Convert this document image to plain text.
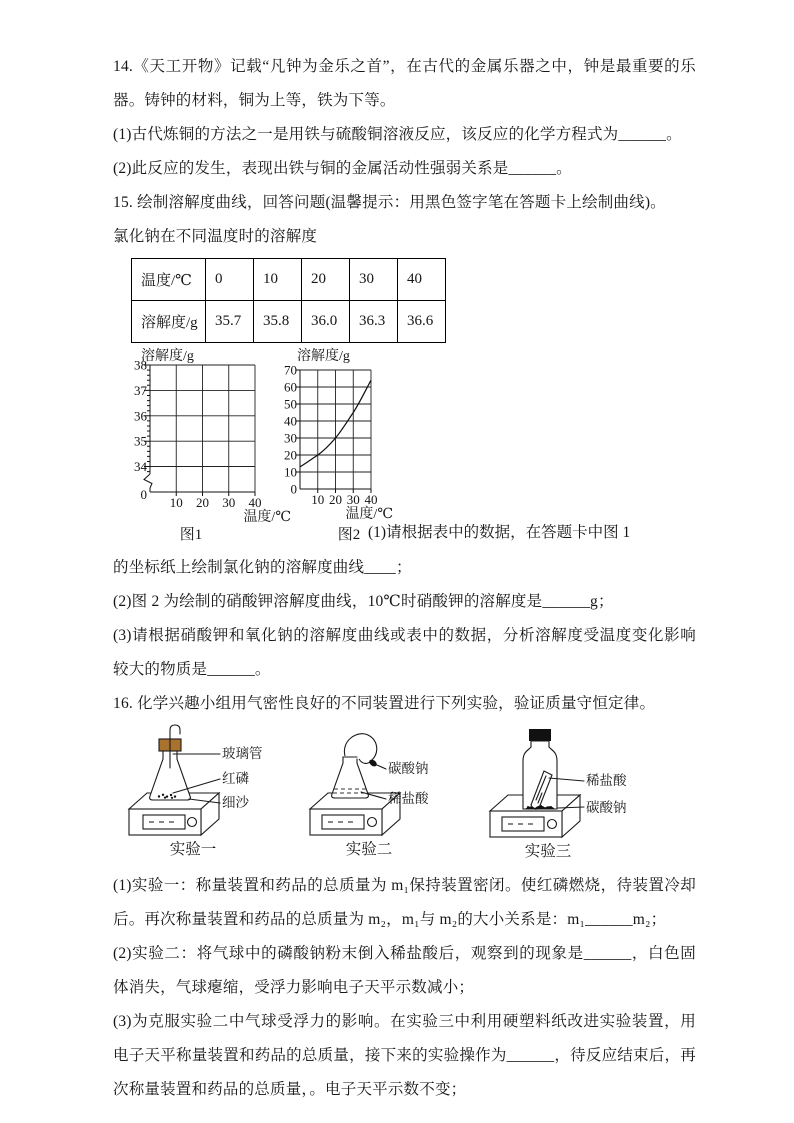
14.《天工开物》记载“凡钟为金乐之首”，在古代的金属乐器之中，钟是最重要的乐器。铸钟的材料，铜为上等，铁为下等。

(1)古代炼铜的方法之一是用铁与硫酸铜溶液反应，该反应的化学方程式为______。

(2)此反应的发生，表现出铁与铜的金属活动性强弱关系是______。

15. 绘制溶解度曲线，回答问题(温馨提示：用黑色签字笔在答题卡上绘制曲线)。

氯化钠在不同温度时的溶解度

温度/℃	0	10	20	30	40
溶解度/g	35.7	35.8	36.0	36.3	36.6
溶解度/g
38
37
36
35
34
0
10 20 30 40
温度/℃
图1
溶解度/g
70
60
50
40
30
20
10
0
10 20 30 40
温度/℃
图2 (1)请根据表中的数据，在答题卡中图 1

的坐标纸上绘制氯化钠的溶解度曲线____；

(2)图 2 为绘制的硝酸钾溶解度曲线，10℃时硝酸钾的溶解度是______g；

(3)请根据硝酸钾和氧化钠的溶解度曲线或表中的数据，分析溶解度受温度变化影响较大的物质是______。

16. 化学兴趣小组用气密性良好的不同装置进行下列实验，验证质量守恒定律。

玻璃管
红磷
细沙
实验一
碳酸钠
稀盐酸
实验二
稀盐酸
碳酸钠
实验三

(1)实验一：称量装置和药品的总质量为 m₁保持装置密闭。使红磷燃烧，待装置冷却后。再次称量装置和药品的总质量为 m₂，m₁与 m₂的大小关系是：m₁______m₂；

(2)实验二：将气球中的磷酸钠粉末倒入稀盐酸后，观察到的现象是______，白色固体消失，气球瘪缩，受浮力影响电子天平示数减小；

(3)为克服实验二中气球受浮力的影响。在实验三中利用硬塑料纸改进实验装置，用电子天平称量装置和药品的总质量，接下来的实验操作为______，待反应结束后，再次称量装置和药品的总质量，。电子天平示数不变；
